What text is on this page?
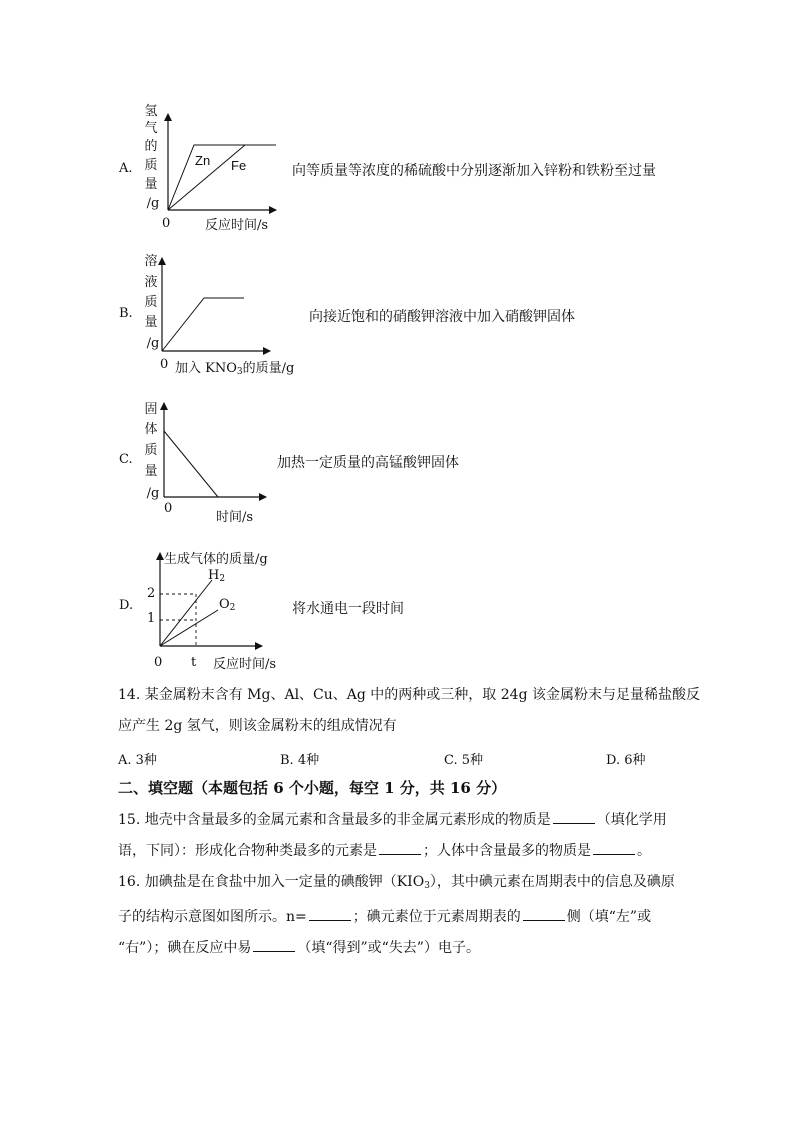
A.
氢
气
的
质
量
/g
Zn Fe
0	反应时间/s
向等质量等浓度的稀硫酸中分别逐渐加入锌粉和铁粉至过量
B.
溶
液
质
量
/g
0 加入 $KNO_3$的质量/g
向接近饱和的硝酸钾溶液中加入硝酸钾固体
C.
固
体
质
量
/g
0
时间/s
加热一定质量的高锰酸钾固体
D.
生成气体的质量/g
2
1
0 t 反应时间/s
$H_2$
$O_2$	将水通电一段时间
14. 某金属粉末含有 Mg、Al、Cu、Ag 中的两种或三种，取 24g 该金属粉末与足量稀盐酸反
应产生 2g 氢气，则该金属粉末的组成情况有
A. 3种	B. 4种	C. 5种	D. 6种
二、填空题（本题包括 6 个小题，每空 1 分，共 16 分）
15. 地壳中含量最多的金属元素和含量最多的非金属元素形成的物质是	（填化学用
语，下同）：形成化合物种类最多的元素是	；人体中含量最多的物质是	。
16. 加碘盐是在食盐中加入一定量的碘酸钾$(KIO_3)$，其中碘元素在周期表中的信息及碘原
子的结构示意图如图所示。n=	；碘元素位于元素周期表的	侧（填“左”或
“右”）；碘在反应中易	（填“得到”或“失去”）电子。
